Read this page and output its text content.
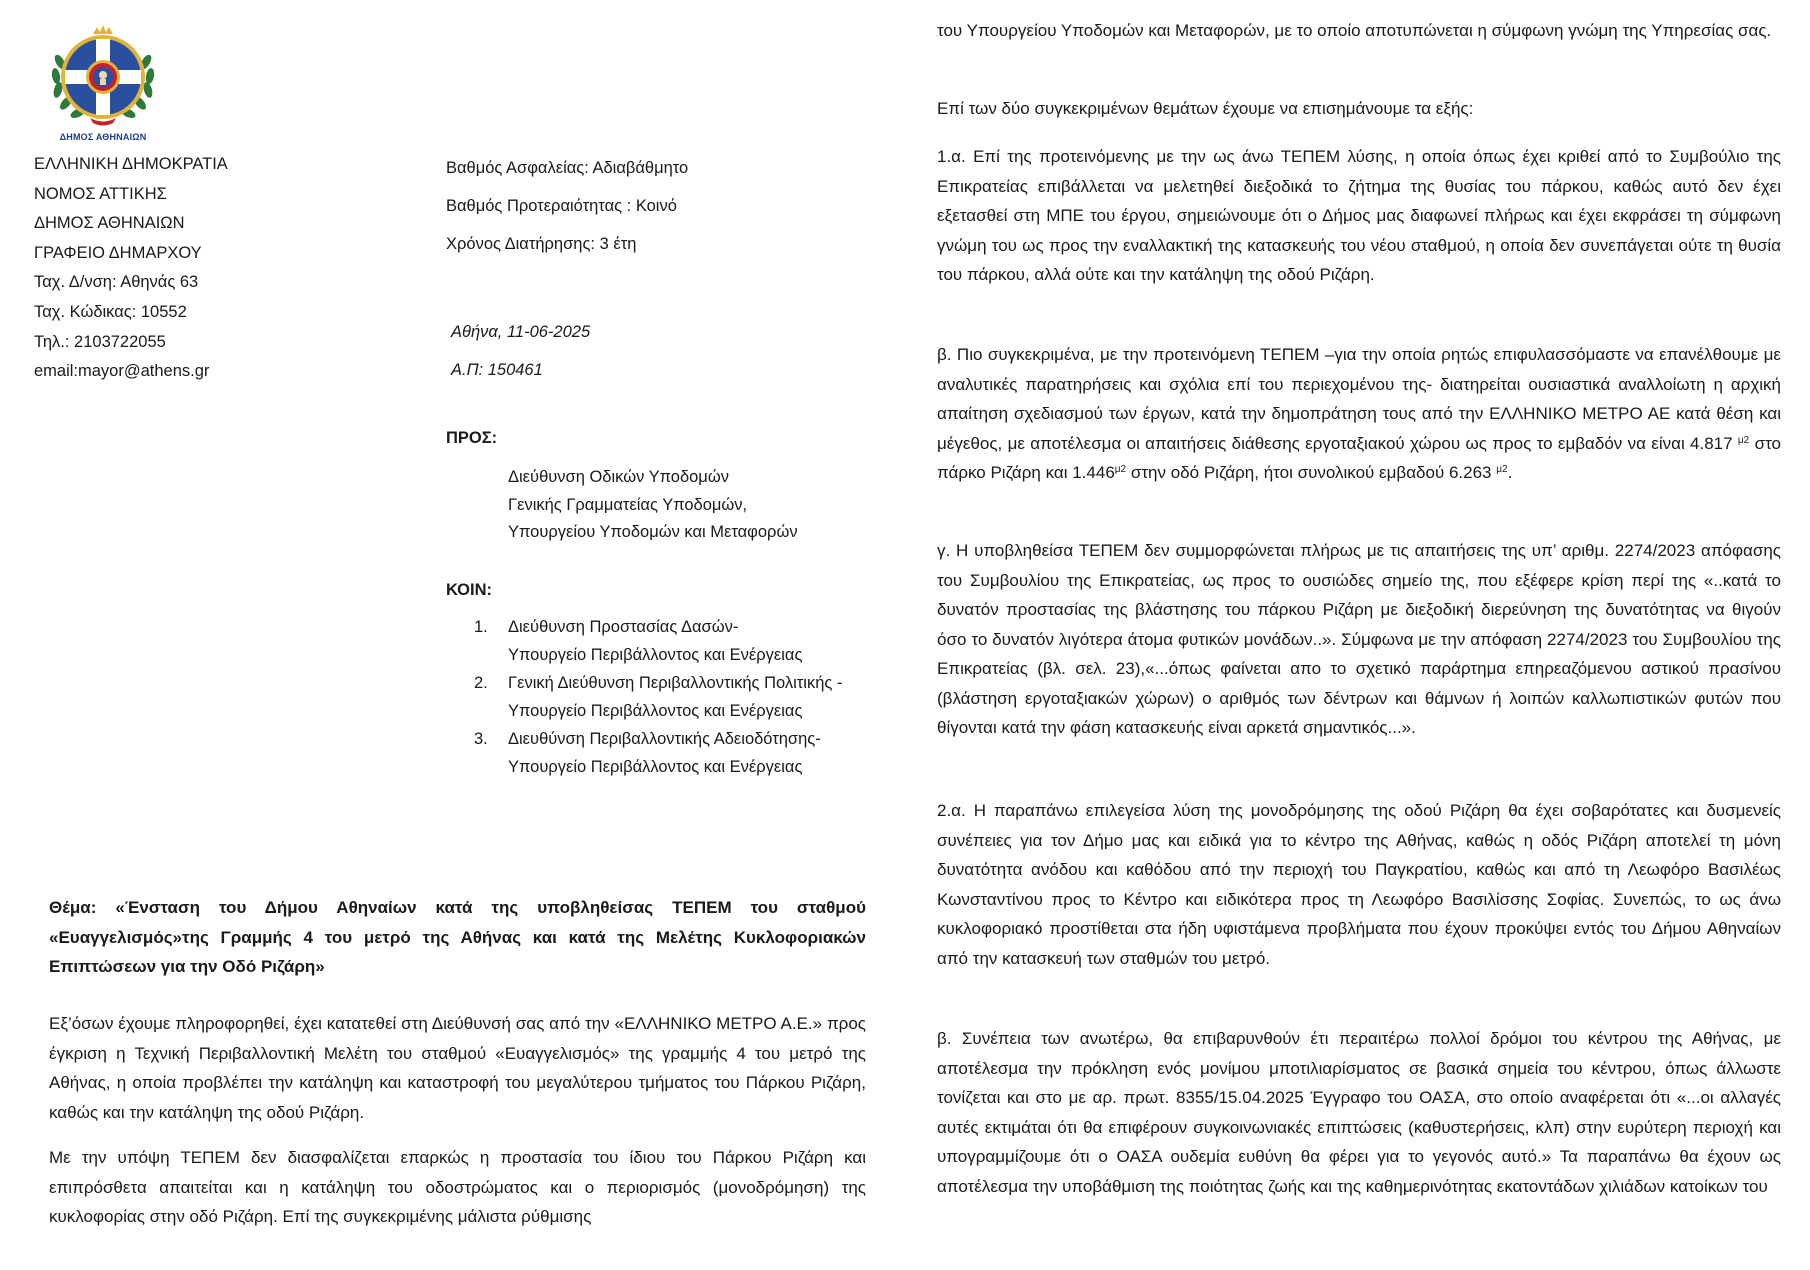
ΔΗΜΟΣ ΑΘΗΝΑΙΩΝ
ΕΛΛΗΝΙΚΗ ΔΗΜΟΚΡΑΤΙΑ
ΝΟΜΟΣ ΑΤΤΙΚΗΣ
ΔΗΜΟΣ ΑΘΗΝΑΙΩΝ
ΓΡΑΦΕΙΟ ΔΗΜΑΡΧΟΥ
Ταχ. Δ/νση: Αθηνάς 63
Ταχ. Κώδικας: 10552
Τηλ.: 2103722055
email:mayor@athens.gr
Βαθμός Ασφαλείας: Αδιαβάθμητο
Βαθμός Προτεραιότητας : Κοινό
Χρόνος Διατήρησης: 3 έτη
Αθήνα, 11-06-2025
Α.Π: 150461
ΠΡΟΣ:
Διεύθυνση Οδικών Υποδομών
Γενικής Γραμματείας Υποδομών,
Υπουργείου Υποδομών και Μεταφορών
ΚΟΙΝ:
1.	Διεύθυνση Προστασίας Δασών-
Υπουργείο Περιβάλλοντος και Ενέργειας
2.	Γενική Διεύθυνση Περιβαλλοντικής Πολιτικής -
Υπουργείο Περιβάλλοντος και Ενέργειας
3.	Διευθύνση Περιβαλλοντικής Αδειοδότησης-
Υπουργείο Περιβάλλοντος και Ενέργειας
Θέμα: «Ένσταση του Δήμου Αθηναίων κατά της υποβληθείσας ΤΕΠΕΜ του σταθμού «Ευαγγελισμός»της Γραμμής 4 του μετρό της Αθήνας και κατά της Μελέτης Κυκλοφοριακών Επιπτώσεων για την Οδό Ριζάρη»
Εξ’όσων έχουμε πληροφορηθεί, έχει κατατεθεί στη Διεύθυνσή σας από την «ΕΛΛΗΝΙΚΟ ΜΕΤΡΟ Α.Ε.» προς έγκριση η Τεχνική Περιβαλλοντική Μελέτη του σταθμού «Ευαγγελισμός» της γραμμής 4 του μετρό της Αθήνας, η οποία προβλέπει την κατάληψη και καταστροφή του μεγαλύτερου τμήματος του Πάρκου Ριζάρη, καθώς και την κατάληψη της οδού Ριζάρη.
Με την υπόψη ΤΕΠΕΜ δεν διασφαλίζεται επαρκώς η προστασία του ίδιου του Πάρκου Ριζάρη και επιπρόσθετα απαιτείται και η κατάληψη του οδοστρώματος και ο περιορισμός (μονοδρόμηση) της κυκλοφορίας στην οδό Ριζάρη. Επί της συγκεκριμένης μάλιστα ρύθμισης
του Υπουργείου Υποδομών και Μεταφορών, με το οποίο αποτυπώνεται η σύμφωνη γνώμη της Υπηρεσίας σας.
Επί των δύο συγκεκριμένων θεμάτων έχουμε να επισημάνουμε τα εξής:
1.α. Επί της προτεινόμενης με την ως άνω ΤΕΠΕΜ λύσης, η οποία όπως έχει κριθεί από το Συμβούλιο της Επικρατείας επιβάλλεται να μελετηθεί διεξοδικά το ζήτημα της θυσίας του πάρκου, καθώς αυτό δεν έχει εξετασθεί στη ΜΠΕ του έργου, σημειώνουμε ότι ο Δήμος μας διαφωνεί πλήρως και έχει εκφράσει τη σύμφωνη γνώμη του ως προς την εναλλακτική της κατασκευής του νέου σταθμού, η οποία δεν συνεπάγεται ούτε τη θυσία του πάρκου, αλλά ούτε και την κατάληψη της οδού Ριζάρη.
β. Πιο συγκεκριμένα, με την προτεινόμενη ΤΕΠΕΜ –για την οποία ρητώς επιφυλασσόμαστε να επανέλθουμε με αναλυτικές παρατηρήσεις και σχόλια επί του περιεχομένου της- διατηρείται ουσιαστικά αναλλοίωτη η αρχική απαίτηση σχεδιασμού των έργων, κατά την δημοπράτηση τους από την ΕΛΛΗΝΙΚΟ ΜΕΤΡΟ ΑΕ κατά θέση και μέγεθος, με αποτέλεσμα οι απαιτήσεις διάθεσης εργοταξιακού χώρου ως προς το εμβαδόν να είναι 4.817 $^{\mu 2}$ στο πάρκο Ριζάρη και $1.446^{\mu 2}$ στην οδό Ριζάρη, ήτοι συνολικού εμβαδού 6.263 $^{\mu 2}$.
γ. Η υποβληθείσα ΤΕΠΕΜ δεν συμμορφώνεται πλήρως με τις απαιτήσεις της υπ’ αριθμ. 2274/2023 απόφασης του Συμβουλίου της Επικρατείας, ως προς το ουσιώδες σημείο της, που εξέφερε κρίση περί της «..κατά το δυνατόν προστασίας της βλάστησης του πάρκου Ριζάρη με διεξοδική διερεύνηση της δυνατότητας να θιγούν όσο το δυνατόν λιγότερα άτομα φυτικών μονάδων..». Σύμφωνα με την απόφαση 2274/2023 του Συμβουλίου της Επικρατείας (βλ. σελ. 23),«...όπως φαίνεται απο το σχετικό παράρτημα επηρεαζόμενου αστικού πρασίνου (βλάστηση εργοταξιακών χώρων) ο αριθμός των δέντρων και θάμνων ή λοιπών καλλωπιστικών φυτών που θίγονται κατά την φάση κατασκευής είναι αρκετά σημαντικός...».
2.α. Η παραπάνω επιλεγείσα λύση της μονοδρόμησης της οδού Ριζάρη θα έχει σοβαρότατες και δυσμενείς συνέπειες για τον Δήμο μας και ειδικά για το κέντρο της Αθήνας, καθώς η οδός Ριζάρη αποτελεί τη μόνη δυνατότητα ανόδου και καθόδου από την περιοχή του Παγκρατίου, καθώς και από τη Λεωφόρο Βασιλέως Κωνσταντίνου προς το Κέντρο και ειδικότερα προς τη Λεωφόρο Βασιλίσσης Σοφίας. Συνεπώς, το ως άνω κυκλοφοριακό προστίθεται στα ήδη υφιστάμενα προβλήματα που έχουν προκύψει εντός του Δήμου Αθηναίων από την κατασκευή των σταθμών του μετρό.
β. Συνέπεια των ανωτέρω, θα επιβαρυνθούν έτι περαιτέρω πολλοί δρόμοι του κέντρου της Αθήνας, με αποτέλεσμα την πρόκληση ενός μονίμου μποτιλιαρίσματος σε βασικά σημεία του κέντρου, όπως άλλωστε τονίζεται και στο με αρ. πρωτ. 8355/15.04.2025 Έγγραφο του ΟΑΣΑ, στο οποίο αναφέρεται ότι «...οι αλλαγές αυτές εκτιμάται ότι θα επιφέρουν συγκοινωνιακές επιπτώσεις (καθυστερήσεις, κλπ) στην ευρύτερη περιοχή και υπογραμμίζουμε ότι ο ΟΑΣΑ ουδεμία ευθύνη θα φέρει για το γεγονός αυτό.» Τα παραπάνω θα έχουν ως αποτέλεσμα την υποβάθμιση της ποιότητας ζωής και της καθημερινότητας εκατοντάδων χιλιάδων κατοίκων του
